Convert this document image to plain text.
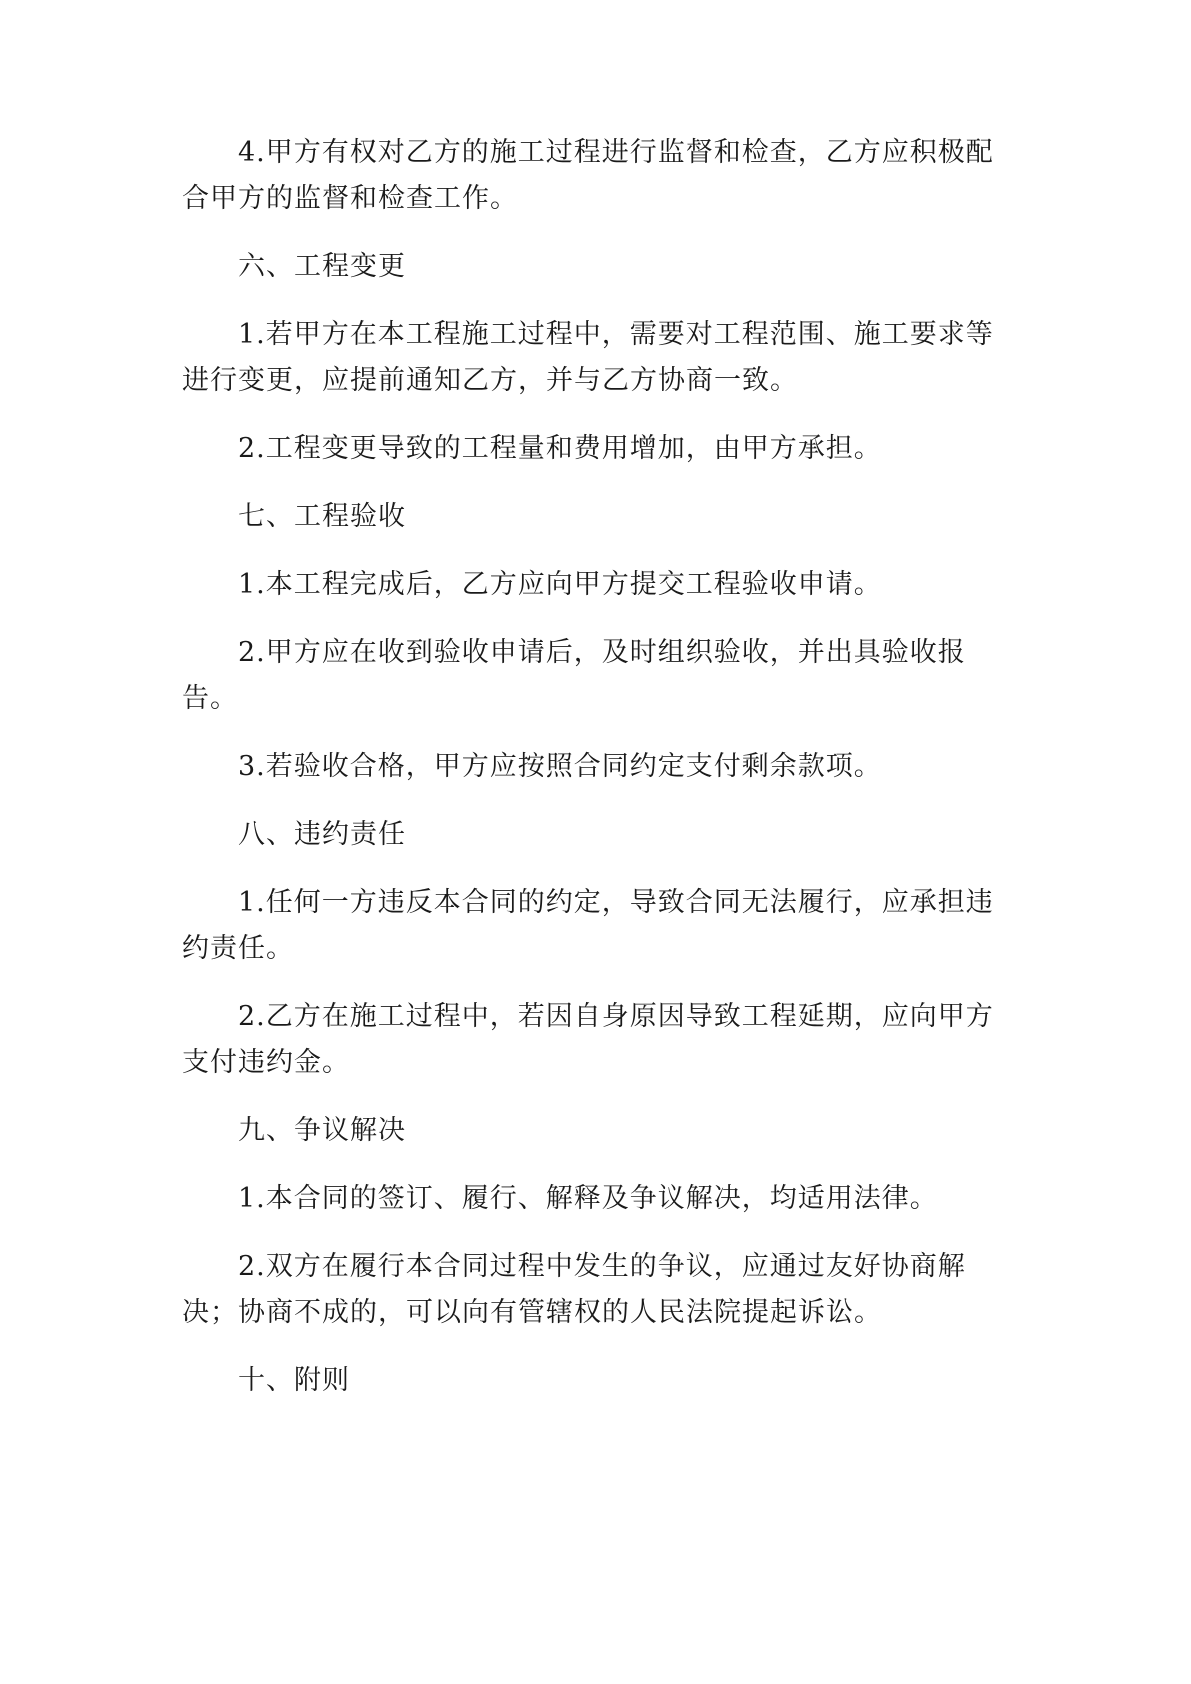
4.甲方有权对乙方的施工过程进行监督和检查，乙方应积极配合甲方的监督和检查工作。

六、工程变更

1.若甲方在本工程施工过程中，需要对工程范围、施工要求等进行变更，应提前通知乙方，并与乙方协商一致。

2.工程变更导致的工程量和费用增加，由甲方承担。

七、工程验收

1.本工程完成后，乙方应向甲方提交工程验收申请。

2.甲方应在收到验收申请后，及时组织验收，并出具验收报告。

3.若验收合格，甲方应按照合同约定支付剩余款项。

八、违约责任

1.任何一方违反本合同的约定，导致合同无法履行，应承担违约责任。

2.乙方在施工过程中，若因自身原因导致工程延期，应向甲方支付违约金。

九、争议解决

1.本合同的签订、履行、解释及争议解决，均适用法律。

2.双方在履行本合同过程中发生的争议，应通过友好协商解决；协商不成的，可以向有管辖权的人民法院提起诉讼。

十、附则
